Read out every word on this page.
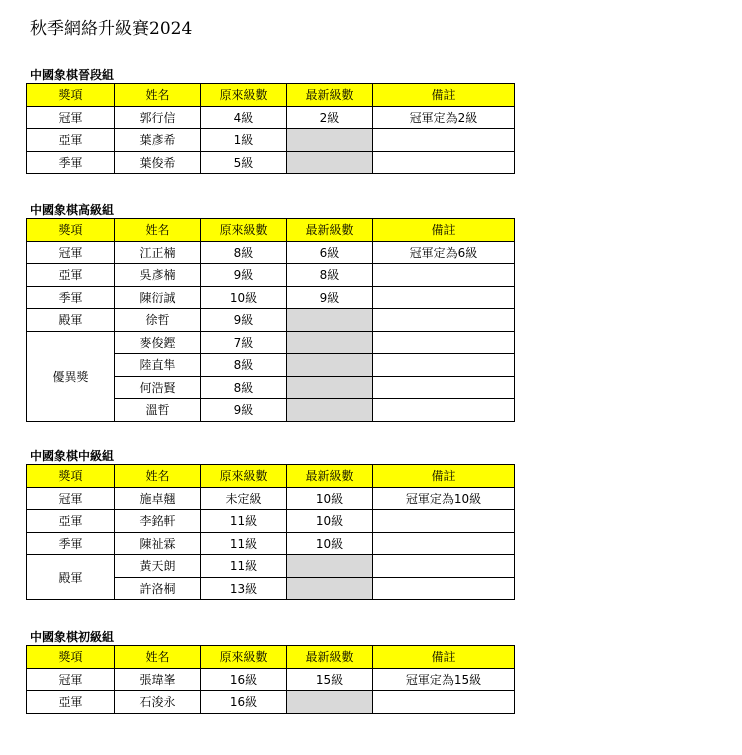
秋季網絡升級賽2024
中國象棋晉段組
獎項	姓名	原來級數	最新級數	備註
冠軍	郭行信	4級	2級	冠軍定為2級
亞軍	葉彥希	1級		
季軍	葉俊希	5級		
中國象棋高級組
獎項	姓名	原來級數	最新級數	備註
冠軍	江正楠	8級	6級	冠軍定為6級
亞軍	吳彥楠	9級	8級	
季軍	陳衍誠	10級	9級	
殿軍	徐哲	9級		
優異獎	麥俊鏗	7級		
	陸直隼	8級		
	何浩賢	8級		
	溫哲	9級		
中國象棋中級組
獎項	姓名	原來級數	最新級數	備註
冠軍	施卓翹	未定級	10級	冠軍定為10級
亞軍	李銘軒	11級	10級	
季軍	陳祉霖	11級	10級	
殿軍	黃天朗	11級		
	許洛桐	13級		
中國象棋初級組
獎項	姓名	原來級數	最新級數	備註
冠軍	張瑋峯	16級	15級	冠軍定為15級
亞軍	石浚永	16級		
